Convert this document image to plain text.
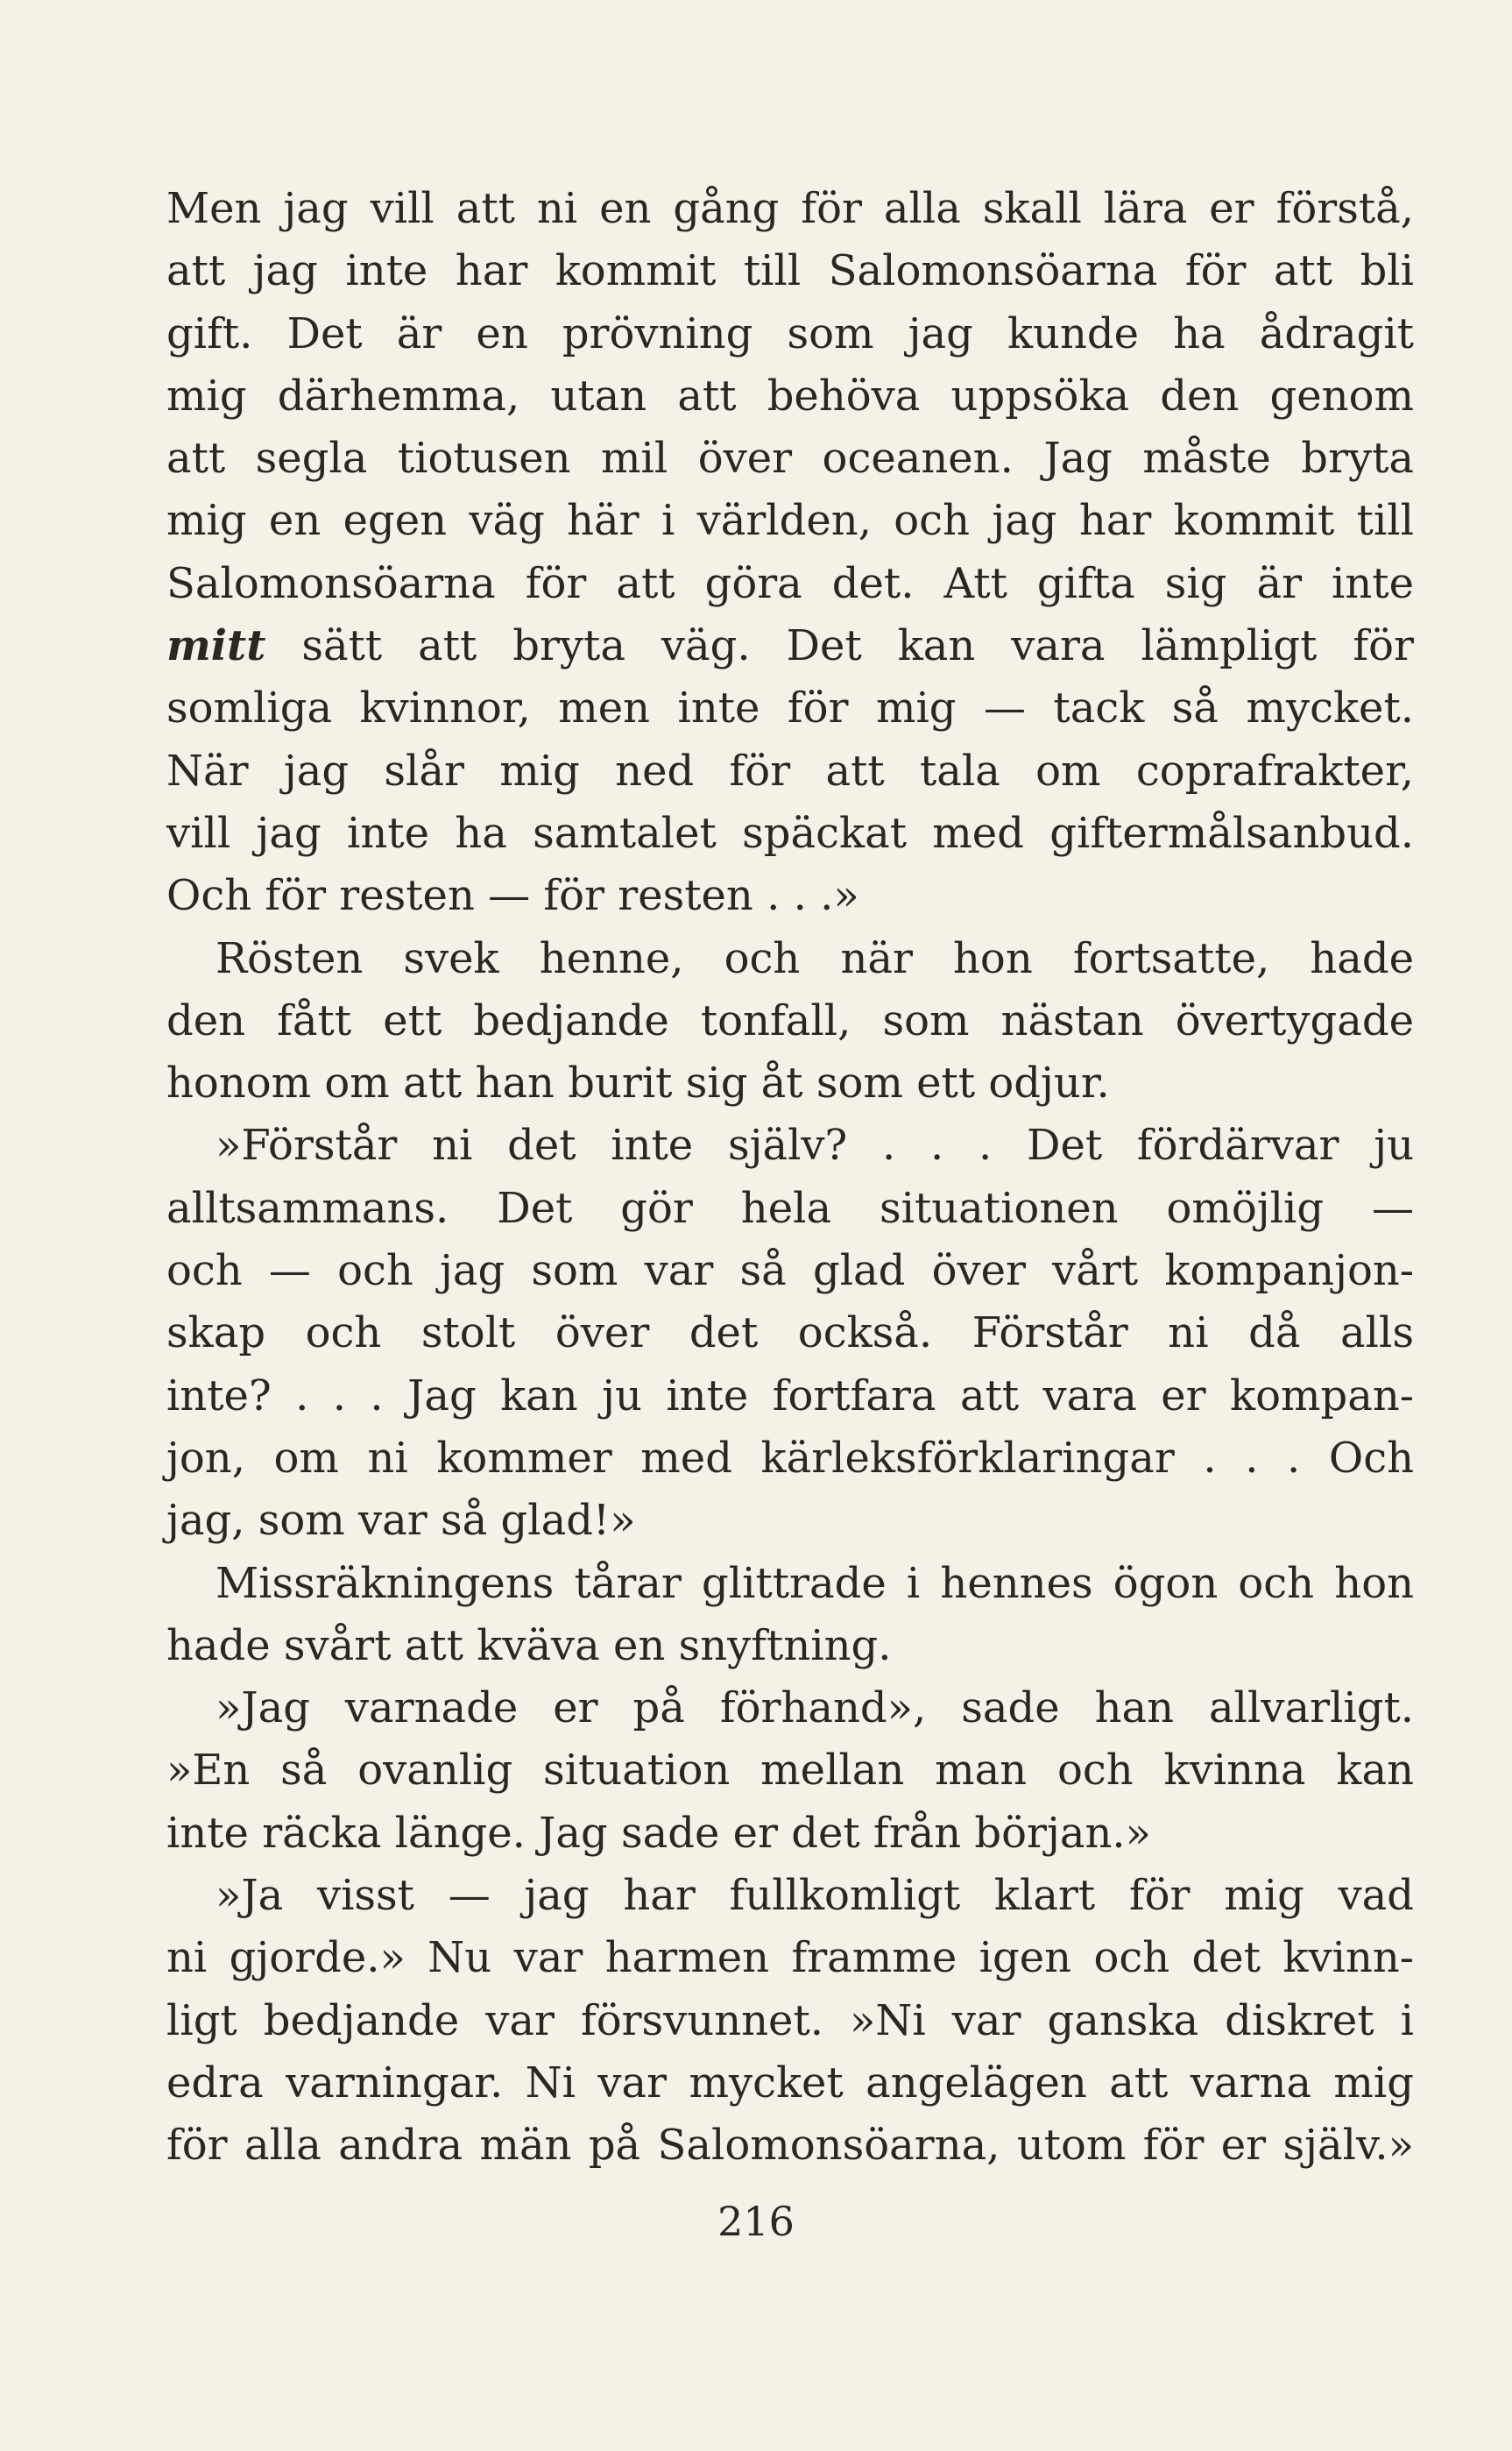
Men jag vill att ni en gång för alla skall lära er förstå,
att jag inte har kommit till Salomonsöarna för att bli
gift. Det är en prövning som jag kunde ha ådragit
mig därhemma, utan att behöva uppsöka den genom
att segla tiotusen mil över oceanen. Jag måste bryta
mig en egen väg här i världen, och jag har kommit till
Salomonsöarna för att göra det. Att gifta sig är inte
mitt sätt att bryta väg. Det kan vara lämpligt för
somliga kvinnor, men inte för mig — tack så mycket.
När jag slår mig ned för att tala om coprafrakter,
vill jag inte ha samtalet späckat med giftermålsanbud.
Och för resten — för resten . . .»
Rösten svek henne, och när hon fortsatte, hade
den fått ett bedjande tonfall, som nästan övertygade
honom om att han burit sig åt som ett odjur.
»Förstår ni det inte själv? . . . Det fördärvar ju
alltsammans. Det gör hela situationen omöjlig —
och — och jag som var så glad över vårt kompanjon-
skap och stolt över det också. Förstår ni då alls
inte? . . . Jag kan ju inte fortfara att vara er kompan-
jon, om ni kommer med kärleksförklaringar . . . Och
jag, som var så glad!»
Missräkningens tårar glittrade i hennes ögon och hon
hade svårt att kväva en snyftning.
»Jag varnade er på förhand», sade han allvarligt.
»En så ovanlig situation mellan man och kvinna kan
inte räcka länge. Jag sade er det från början.»
»Ja visst — jag har fullkomligt klart för mig vad
ni gjorde.» Nu var harmen framme igen och det kvinn-
ligt bedjande var försvunnet. »Ni var ganska diskret i
edra varningar. Ni var mycket angelägen att varna mig
för alla andra män på Salomonsöarna, utom för er själv.»
216
